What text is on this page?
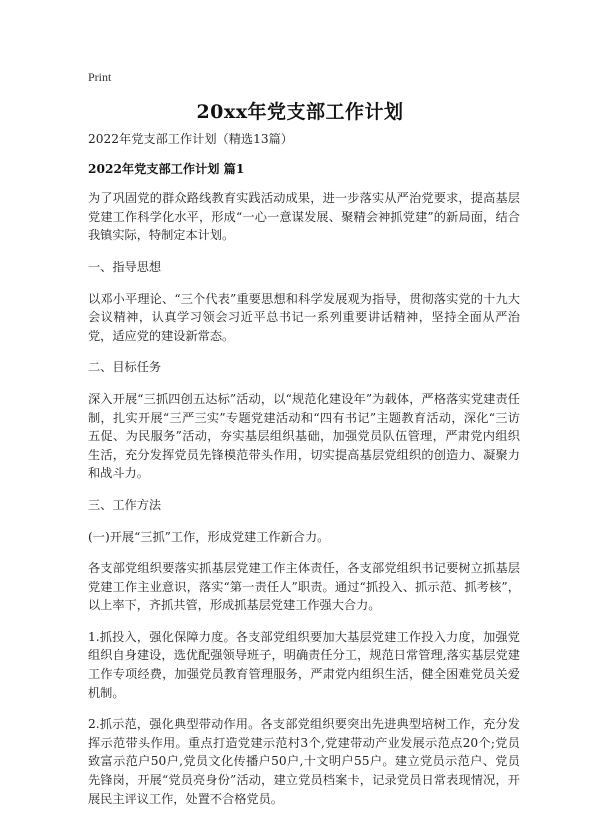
Print
20xx年党支部工作计划

2022年党支部工作计划（精选13篇）

2022年党支部工作计划 篇1

为了巩固党的群众路线教育实践活动成果，进一步落实从严治党要求，提高基层党建工作科学化水平，形成“一心一意谋发展、聚精会神抓党建”的新局面，结合我镇实际，特制定本计划。

一、指导思想

以邓小平理论、“三个代表”重要思想和科学发展观为指导，贯彻落实党的十九大会议精神，认真学习领会习近平总书记一系列重要讲话精神，坚持全面从严治党，适应党的建设新常态。

二、目标任务

深入开展“三抓四创五达标”活动，以“规范化建设年”为载体，严格落实党建责任制，扎实开展“三严三实”专题党建活动和“四有书记”主题教育活动，深化“三访五促、为民服务”活动，夯实基层组织基础，加强党员队伍管理，严肃党内组织生活，充分发挥党员先锋模范带头作用，切实提高基层党组织的创造力、凝聚力和战斗力。

三、工作方法

(一)开展“三抓”工作，形成党建工作新合力。

各支部党组织要落实抓基层党建工作主体责任，各支部党组织书记要树立抓基层党建工作主业意识，落实“第一责任人”职责。通过“抓投入、抓示范、抓考核”，以上率下，齐抓共管，形成抓基层党建工作强大合力。

1.抓投入，强化保障力度。各支部党组织要加大基层党建工作投入力度，加强党组织自身建设，选优配强领导班子，明确责任分工，规范日常管理,落实基层党建工作专项经费，加强党员教育管理服务，严肃党内组织生活，健全困难党员关爱机制。

2.抓示范，强化典型带动作用。各支部党组织要突出先进典型培树工作，充分发挥示范带头作用。重点打造党建示范村3个,党建带动产业发展示范点20个;党员致富示范户50户,党员文化传播户50户,十文明户55户。建立党员示范户、党员先锋岗，开展“党员亮身份”活动，建立党员档案卡，记录党员日常表现情况，开展民主评议工作，处置不合格党员。
